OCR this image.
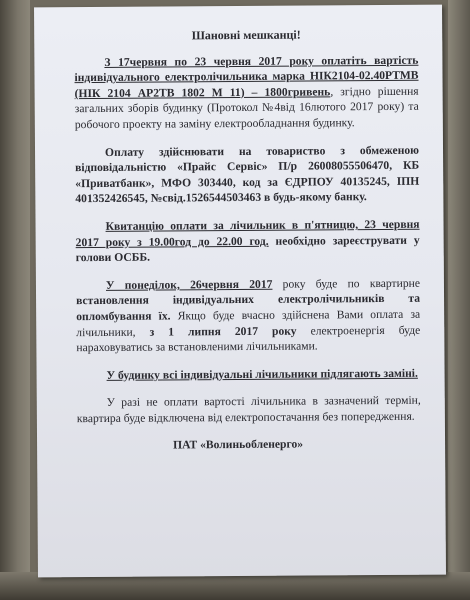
Шановні мешканці!

З 17червня по 23 червня 2017 року оплатіть вартість індивідуального електролічильника марка НІК2104-02.40РТМВ (НІК 2104 АР2ТВ 1802 М 11) – 1800гривень, згідно рішення загальних зборів будинку (Протокол №4від 16лютого 2017 року) та робочого проекту на заміну електрообладнання будинку.

Оплату здійснювати на товариство з обмеженою відповідальністю «Прайс Сервіс» П/р 26008055506470, КБ «Приватбанк», МФО 303440, код за ЄДРПОУ 40135245, ІПН 401352426545, №свід.1526544503463 в будь-якому банку.

Квитанцію оплати за лічильник в п'ятницю, 23 червня 2017 року з 19.00год до 22.00 год. необхідно зареєструвати у голови ОСББ.

У понеділок, 26червня 2017 року буде по квартирне встановлення індивідуальних електролічильників та опломбування їх. Якщо буде вчасно здійснена Вами оплата за лічильники, з 1 липня 2017 року електроенергія буде нараховуватись за встановленими лічильниками.

У будинку всі індивідуальні лічильники підлягають заміні.

У разі не оплати вартості лічильника в зазначений термін, квартира буде відключена від електропостачання без попередження.

ПАТ «Волиньобленерго»
